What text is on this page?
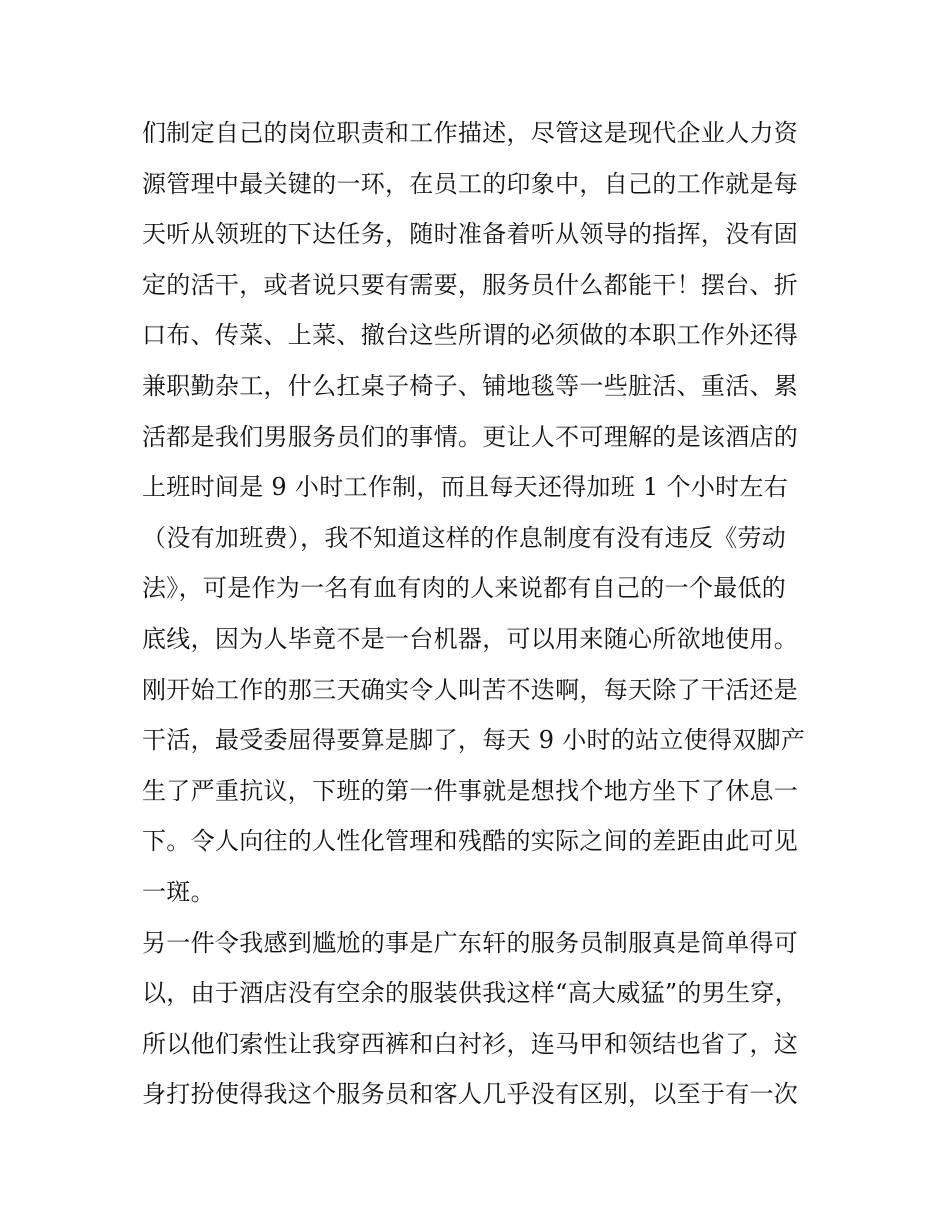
们制定自己的岗位职责和工作描述，尽管这是现代企业人力资
源管理中最关键的一环，在员工的印象中，自己的工作就是每
天听从领班的下达任务，随时准备着听从领导的指挥，没有固
定的活干，或者说只要有需要，服务员什么都能干！摆台、折
口布、传菜、上菜、撤台这些所谓的必须做的本职工作外还得
兼职勤杂工，什么扛桌子椅子、铺地毯等一些脏活、重活、累
活都是我们男服务员们的事情。更让人不可理解的是该酒店的
上班时间是 9 小时工作制，而且每天还得加班 1 个小时左右
（没有加班费），我不知道这样的作息制度有没有违反《劳动
法》，可是作为一名有血有肉的人来说都有自己的一个最低的
底线，因为人毕竟不是一台机器，可以用来随心所欲地使用。
刚开始工作的那三天确实令人叫苦不迭啊，每天除了干活还是
干活，最受委屈得要算是脚了，每天 9 小时的站立使得双脚产
生了严重抗议，下班的第一件事就是想找个地方坐下了休息一
下。令人向往的人性化管理和残酷的实际之间的差距由此可见
一斑。
另一件令我感到尴尬的事是广东轩的服务员制服真是简单得可
以，由于酒店没有空余的服装供我这样“高大威猛”的男生穿，
所以他们索性让我穿西裤和白衬衫，连马甲和领结也省了，这
身打扮使得我这个服务员和客人几乎没有区别，以至于有一次
